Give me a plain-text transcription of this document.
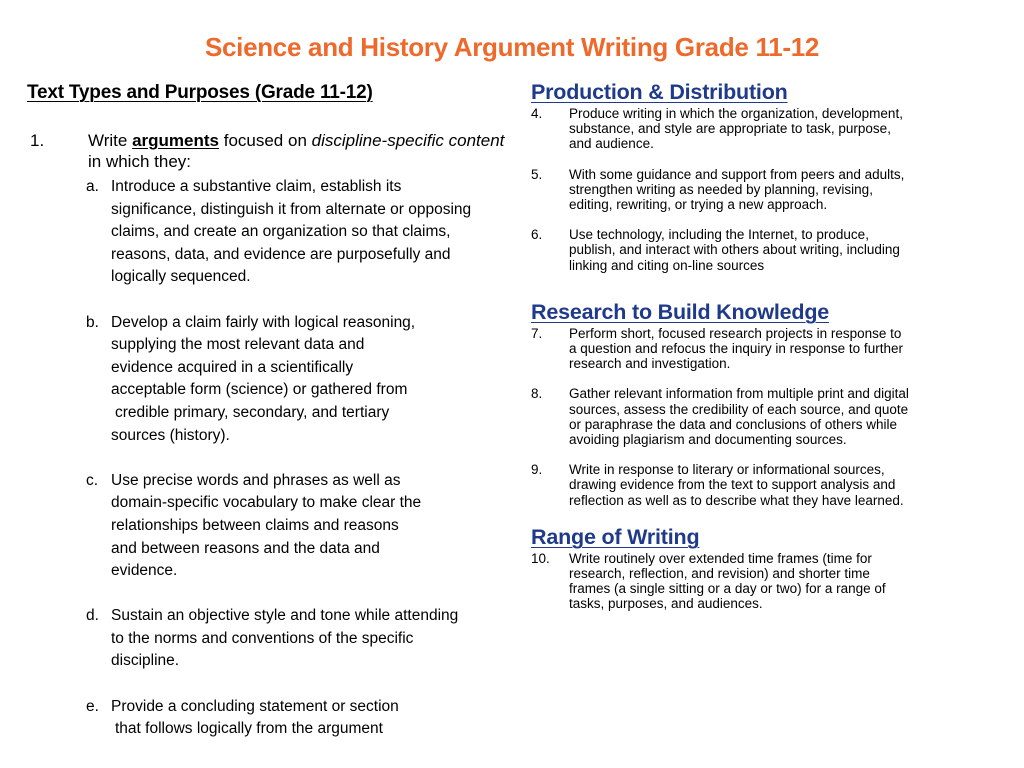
Science and History Argument Writing Grade 11-12
Text Types and Purposes (Grade 11-12)
1.	Write arguments focused on discipline-specific content in which they:
a. Introduce a substantive claim, establish its
significance, distinguish it from alternate or opposing
claims, and create an organization so that claims,
reasons, data, and evidence are purposefully and
logically sequenced.
b. Develop a claim fairly with logical reasoning,
supplying the most relevant data and
evidence acquired in a scientifically
acceptable form (science) or gathered from
credible primary, secondary, and tertiary
sources (history).
c. Use precise words and phrases as well as
domain-specific vocabulary to make clear the
relationships between claims and reasons
and between reasons and the data and
evidence.
d. Sustain an objective style and tone while attending
to the norms and conventions of the specific
discipline.
e. Provide a concluding statement or section
that follows logically from the argument
Production & Distribution
4. Produce writing in which the organization, development,
substance, and style are appropriate to task, purpose,
and audience.
5. With some guidance and support from peers and adults,
strengthen writing as needed by planning, revising,
editing, rewriting, or trying a new approach.
6. Use technology, including the Internet, to produce,
publish, and interact with others about writing, including
linking and citing on-line sources
Research to Build Knowledge
7. Perform short, focused research projects in response to
a question and refocus the inquiry in response to further
research and investigation.
8. Gather relevant information from multiple print and digital
sources, assess the credibility of each source, and quote
or paraphrase the data and conclusions of others while
avoiding plagiarism and documenting sources.
9. Write in response to literary or informational sources,
drawing evidence from the text to support analysis and
reflection as well as to describe what they have learned.
Range of Writing
10. Write routinely over extended time frames (time for
research, reflection, and revision) and shorter time
frames (a single sitting or a day or two) for a range of
tasks, purposes, and audiences.
